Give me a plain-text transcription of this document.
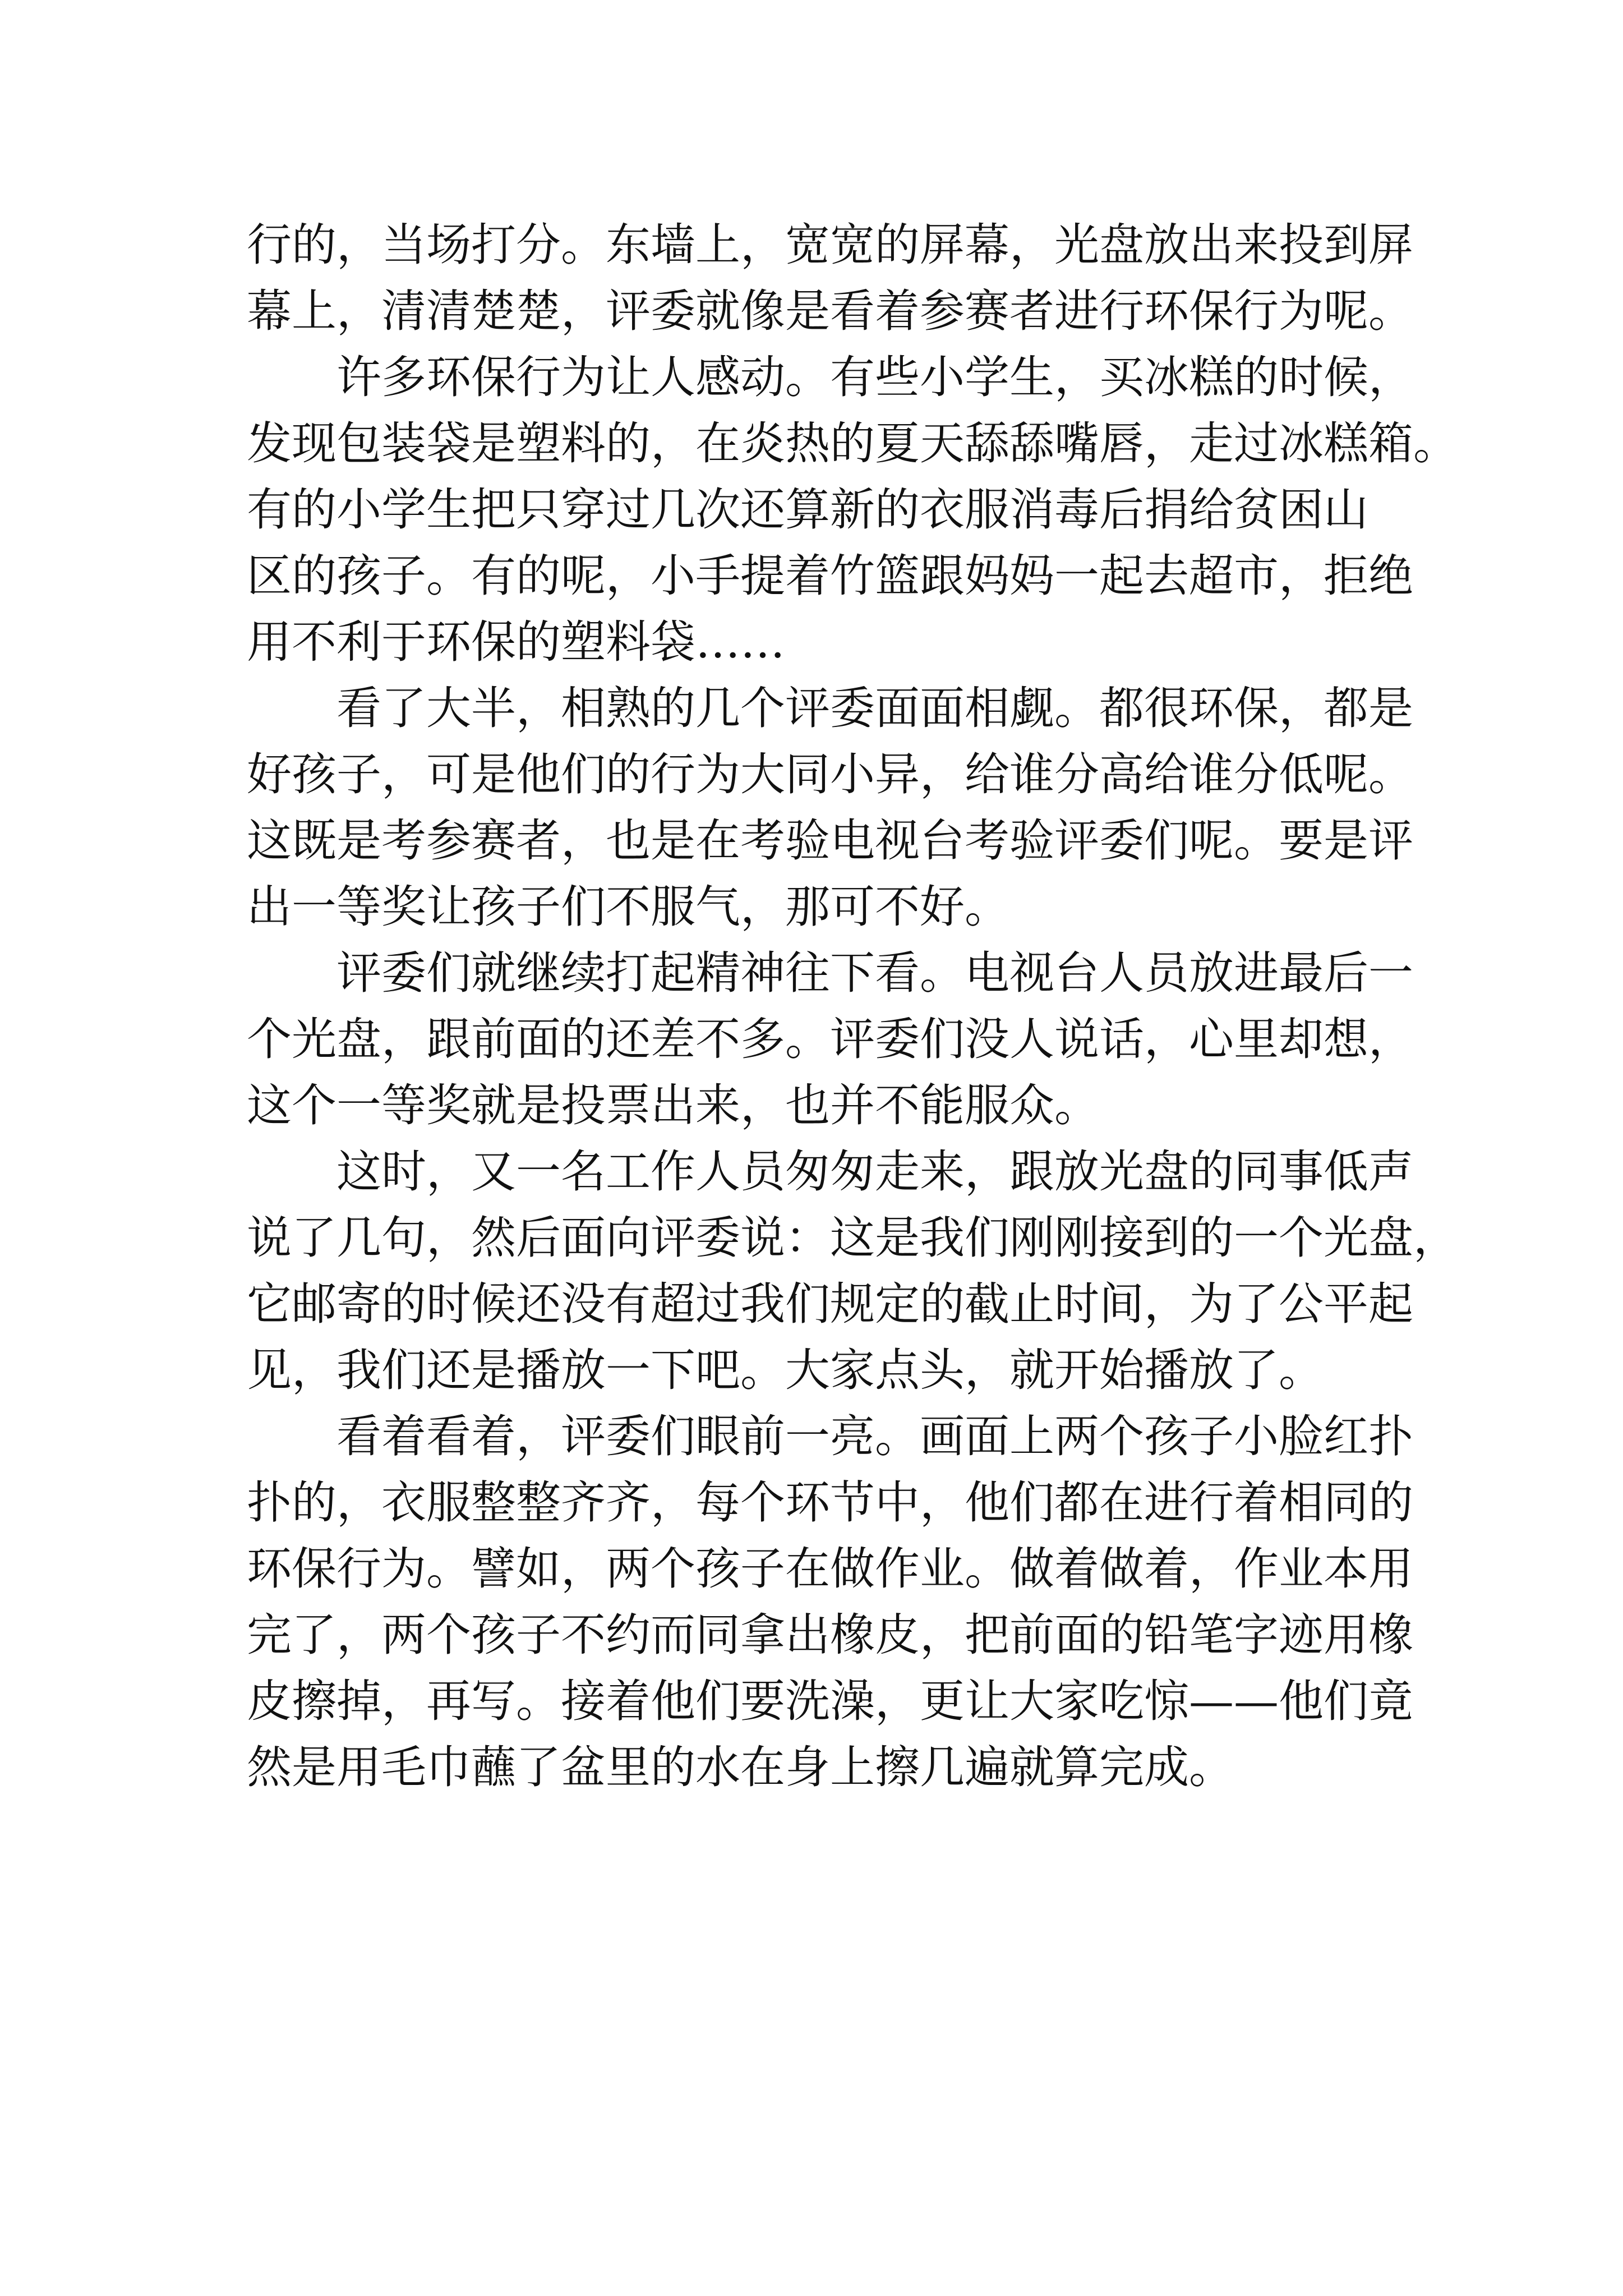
行的，当场打分。东墙上，宽宽的屏幕，光盘放出来投到屏
幕上，清清楚楚，评委就像是看着参赛者进行环保行为呢。
　　许多环保行为让人感动。有些小学生，买冰糕的时候，
发现包装袋是塑料的，在炎热的夏天舔舔嘴唇，走过冰糕箱。
有的小学生把只穿过几次还算新的衣服消毒后捐给贫困山
区的孩子。有的呢，小手提着竹篮跟妈妈一起去超市，拒绝
用不利于环保的塑料袋……
　　看了大半，相熟的几个评委面面相觑。都很环保，都是
好孩子，可是他们的行为大同小异，给谁分高给谁分低呢。
这既是考参赛者，也是在考验电视台考验评委们呢。要是评
出一等奖让孩子们不服气，那可不好。
　　评委们就继续打起精神往下看。电视台人员放进最后一
个光盘，跟前面的还差不多。评委们没人说话，心里却想，
这个一等奖就是投票出来，也并不能服众。
　　这时，又一名工作人员匆匆走来，跟放光盘的同事低声
说了几句，然后面向评委说：这是我们刚刚接到的一个光盘，
它邮寄的时候还没有超过我们规定的截止时间，为了公平起
见，我们还是播放一下吧。大家点头，就开始播放了。
　　看着看着，评委们眼前一亮。画面上两个孩子小脸红扑
扑的，衣服整整齐齐，每个环节中，他们都在进行着相同的
环保行为。譬如，两个孩子在做作业。做着做着，作业本用
完了，两个孩子不约而同拿出橡皮，把前面的铅笔字迹用橡
皮擦掉，再写。接着他们要洗澡，更让大家吃惊——他们竟
然是用毛巾蘸了盆里的水在身上擦几遍就算完成。
